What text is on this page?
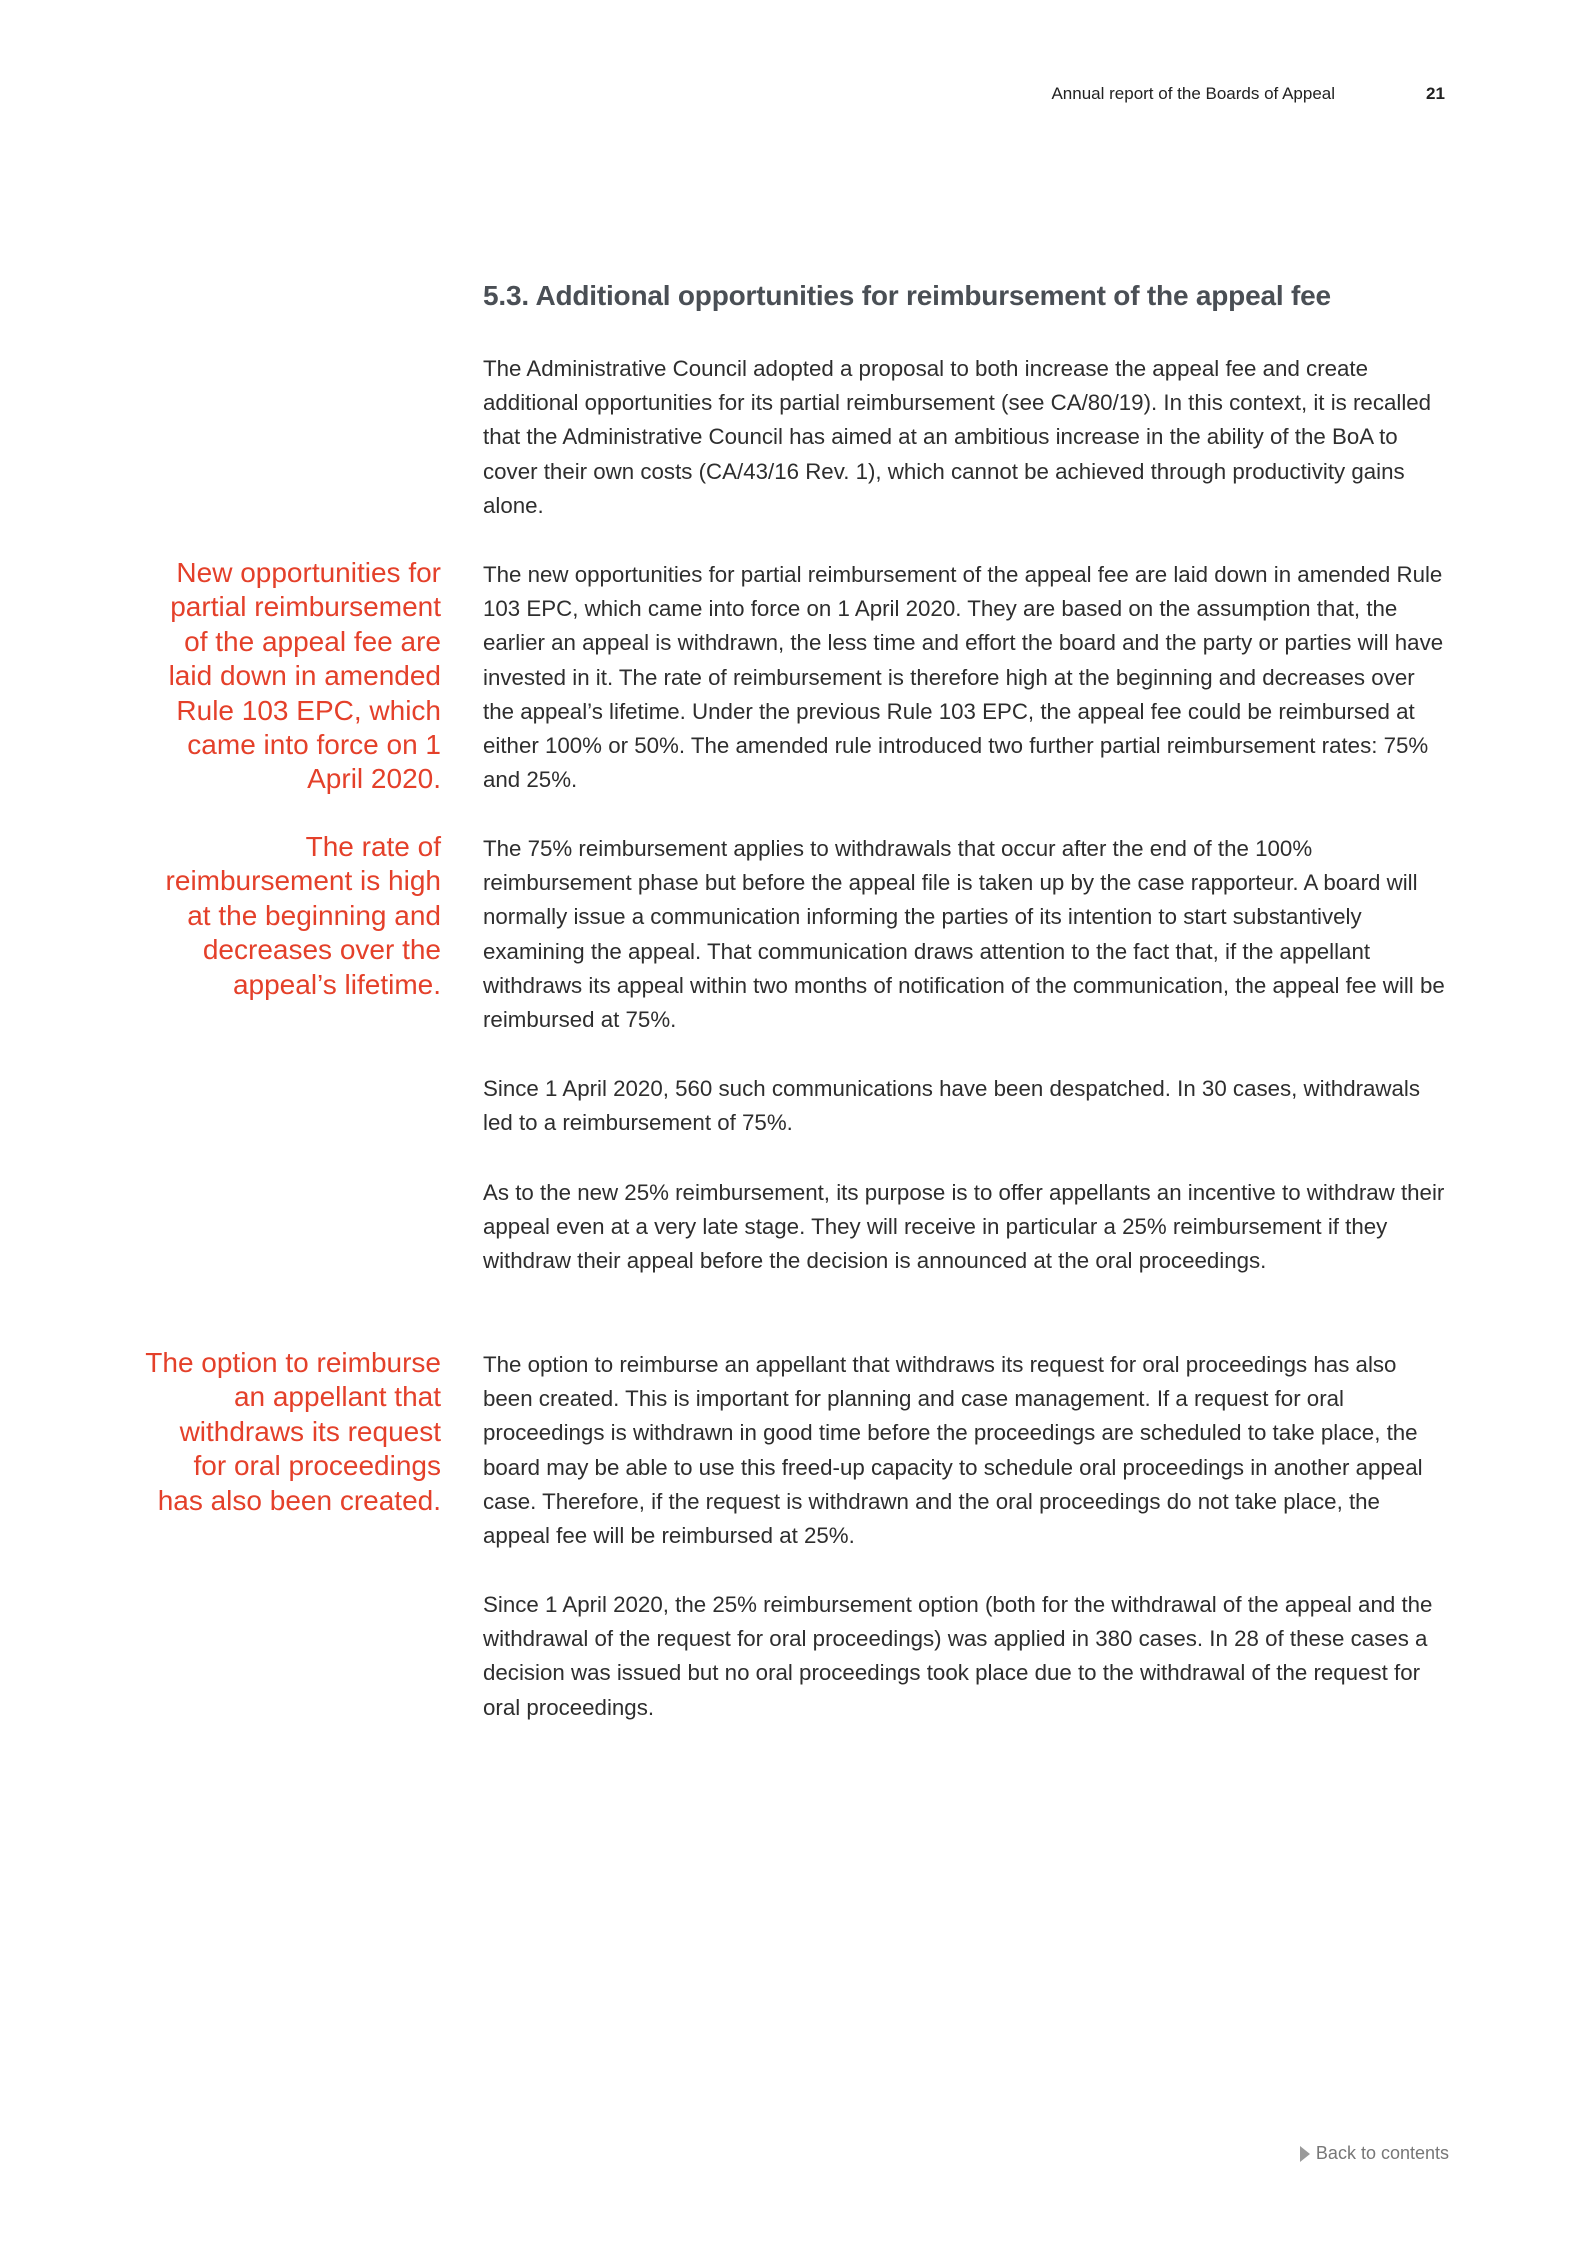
Annual report of the Boards of Appeal	21
5.3. Additional opportunities for reimbursement of the appeal fee

The Administrative Council adopted a proposal to both increase the appeal fee and create additional opportunities for its partial reimbursement (see CA/80/19). In this context, it is recalled that the Administrative Council has aimed at an ambitious increase in the ability of the BoA to cover their own costs (CA/43/16 Rev. 1), which cannot be achieved through productivity gains alone.

The new opportunities for partial reimbursement of the appeal fee are laid down in amended Rule 103 EPC, which came into force on 1 April 2020. They are based on the assumption that, the earlier an appeal is withdrawn, the less time and effort the board and the party or parties will have invested in it. The rate of reimbursement is therefore high at the beginning and decreases over the appeal’s lifetime. Under the previous Rule 103 EPC, the appeal fee could be reimbursed at either 100% or 50%. The amended rule introduced two further partial reimbursement rates: 75% and 25%.

The 75% reimbursement applies to withdrawals that occur after the end of the 100% reimbursement phase but before the appeal file is taken up by the case rapporteur. A board will normally issue a communication informing the parties of its intention to start substantively examining the appeal. That communication draws attention to the fact that, if the appellant withdraws its appeal within two months of notification of the communication, the appeal fee will be reimbursed at 75%.

Since 1 April 2020, 560 such communications have been despatched. In 30 cases, withdrawals led to a reimbursement of 75%.

As to the new 25% reimbursement, its purpose is to offer appellants an incentive to withdraw their appeal even at a very late stage. They will receive in particular a 25% reimbursement if they withdraw their appeal before the decision is announced at the oral proceedings.

The option to reimburse an appellant that withdraws its request for oral proceedings has also been created. This is important for planning and case management. If a request for oral proceedings is withdrawn in good time before the proceedings are scheduled to take place, the board may be able to use this freed-up capacity to schedule oral proceedings in another appeal case. Therefore, if the request is withdrawn and the oral proceedings do not take place, the appeal fee will be reimbursed at 25%.

Since 1 April 2020, the 25% reimbursement option (both for the withdrawal of the appeal and the withdrawal of the request for oral proceedings) was applied in 380 cases. In 28 of these cases a decision was issued but no oral proceedings took place due to the withdrawal of the request for oral proceedings.

New opportunities for partial reimbursement of the appeal fee are laid down in amended Rule 103 EPC, which came into force on 1 April 2020.

The rate of reimbursement is high at the beginning and decreases over the appeal’s lifetime.

The option to reimburse an appellant that withdraws its request for oral proceedings has also been created.

Back to contents
